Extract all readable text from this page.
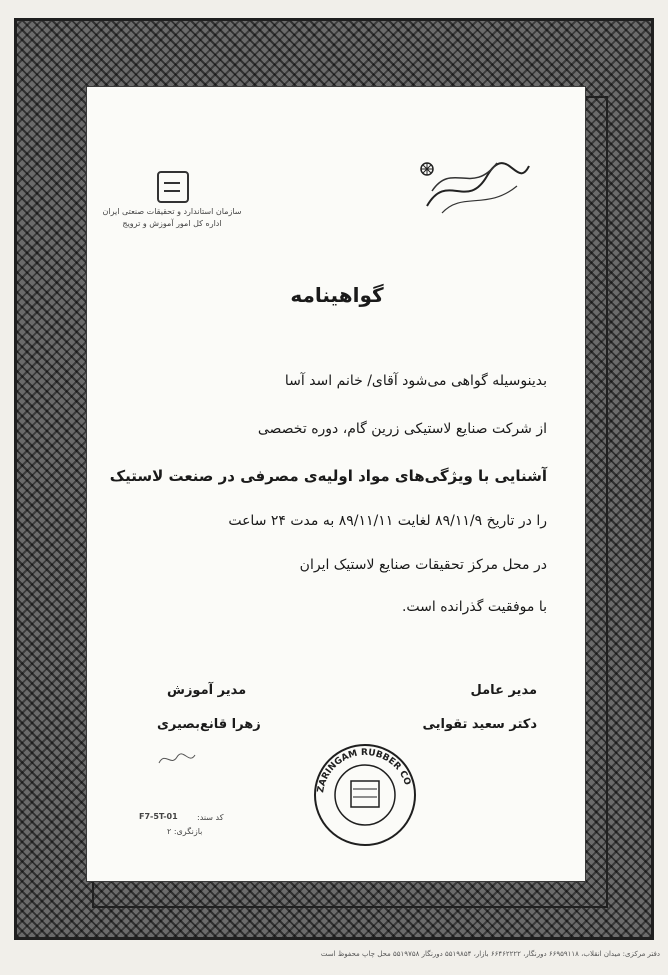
سازمان استاندارد و تحقیقات صنعتی ایران
اداره کل امور آموزش و ترویج
گواهینامه
بدینوسیله گواهی می‌شود آقای/ خانم اسد آسا
از شرکت صنایع لاستیکی زرین گام، دوره تخصصی
آشنایی با ویژگی‌های مواد اولیه‌ی مصرفی در صنعت لاستیک
را در تاریخ ۸۹/۱۱/۹ لغایت ۸۹/۱۱/۱۱ به مدت ۲۴ ساعت
در محل مرکز تحقیقات صنایع لاستیک ایران
با موفقیت گذرانده است.
مدیر عامل
دکتر سعید تقوایی
مدیر آموزش
زهرا قانع‌بصیری
ZARINGAM RUBBER CO
کد سند:
F7-5T-01
بازنگری: ۲
دفتر مرکزی: میدان انقلاب، ۶۶۹۵۹۱۱۸ دورنگار، ۶۶۴۶۲۲۲۲ بازار، ۵۵۱۹۸۵۴ دورنگار ۵۵۱۹۷۵۸ محل چاپ محفوظ است
